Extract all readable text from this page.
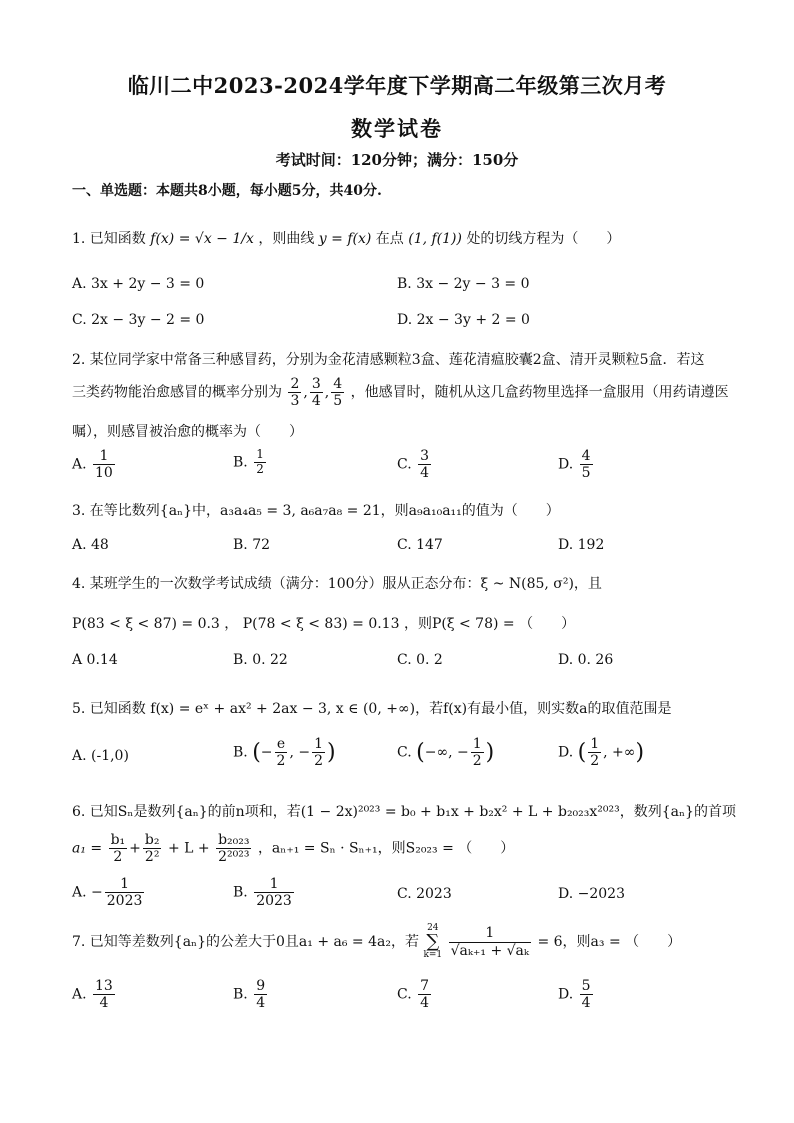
临川二中2023-2024学年度下学期高二年级第三次月考
数学试卷
考试时间：120分钟；满分：150分
一、单选题：本题共8小题，每小题5分，共40分.
1. 已知函数 f(x) = √x − 1/x ，则曲线 y = f(x) 在点 (1, f(1)) 处的切线方程为（　　）
A. 3x + 2y − 3 = 0	B. 3x − 2y − 3 = 0
C. 2x − 3y − 2 = 0	D. 2x − 3y + 2 = 0
2. 某位同学家中常备三种感冒药，分别为金花清感颗粒3盒、莲花清瘟胶囊2盒、清开灵颗粒5盒．若这
三类药物能治愈感冒的概率分别为 $\frac{2}{3}$ , $\frac{3}{4}$ , $\frac{4}{5}$ ，他感冒时，随机从这几盒药物里选择一盒服用（用药请遵医
嘱），则感冒被治愈的概率为（　　）
A. $\frac{1}{10}$	B. $\frac{1}{2}$	C. $\frac{3}{4}$	D. $\frac{4}{5}$
3. 在等比数列{aₙ}中，a₃a₄a₅ = 3, a₆a₇a₈ = 21，则a₉a₁₀a₁₁的值为（　　）
A. 48	B. 72	C. 147	D. 192
4. 某班学生的一次数学考试成绩（满分：100分）服从正态分布：ξ ~ N(85, σ²)，且
P(83 < ξ < 87) = 0.3 ， P(78 < ξ < 83) = 0.13 ，则P(ξ < 78) = （　　）
A 0.14	B. 0. 22	C. 0. 2	D. 0. 26
5. 已知函数 f(x) = eˣ + ax² + 2ax − 3, x ∈ (0, +∞)，若f(x)有最小值，则实数a的取值范围是
A. (-1,0)	B. (− $\frac{e}{2}$ , − $\frac{1}{2}$ )	C. (−∞, − $\frac{1}{2}$ )	D. ( $\frac{1}{2}$ , +∞)
6. 已知Sₙ是数列{aₙ}的前n项和，若(1 − 2x)²⁰²³ = b₀ + b₁x + b₂x² + L + b₂₀₂₃x²⁰²³，数列{aₙ}的首项
$a_1 = \frac{\text{b₁}}{2} + \frac{\text{b₂}}{\text{2²}} + L + \frac{\text{b₂₀₂₃}}{\text{2²⁰²³}}$ ，aₙ₊₁ = Sₙ · Sₙ₊₁，则S₂₀₂₃ = （　　）
A. − $\frac{1}{2023}$	B. $\frac{1}{2023}$	C. 2023	D. −2023
7. 已知等差数列{aₙ}的公差大于0且a₁ + a₆ = 4a₂，若
24
∑
k=1
$\frac{1}{\text{√aₖ₊₁ + √aₖ}} = 6$，则a₃ = （　　）
A. $\frac{13}{4}$	B. $\frac{9}{4}$	C. $\frac{7}{4}$	D. $\frac{5}{4}$
